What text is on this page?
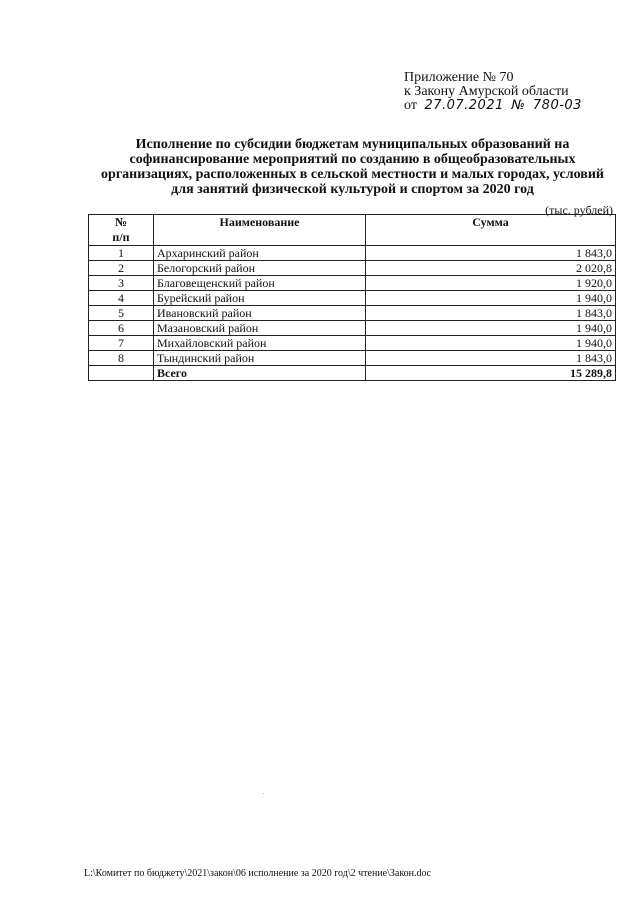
Приложение № 70
к Закону Амурской области
от 27.07.2021 № 780-03
Исполнение по субсидии бюджетам муниципальных образований на софинансирование мероприятий по созданию в общеобразовательных организациях, расположенных в сельской местности и малых городах, условий для занятий физической культурой и спортом за 2020 год
(тыс. рублей)
№	Наименование	Сумма
п/п		
1	Архаринский район	1 843,0
2	Белогорский район	2 020,8
3	Благовещенский район	1 920,0
4	Бурейский район	1 940,0
5	Ивановский район	1 843,0
6	Мазановский район	1 940,0
7	Михайловский район	1 940,0
8	Тындинский район	1 843,0
	Всего	15 289,8
L:\Комитет по бюджету\2021\закон\06 исполнение за 2020 год\2 чтение\Закон.doc
